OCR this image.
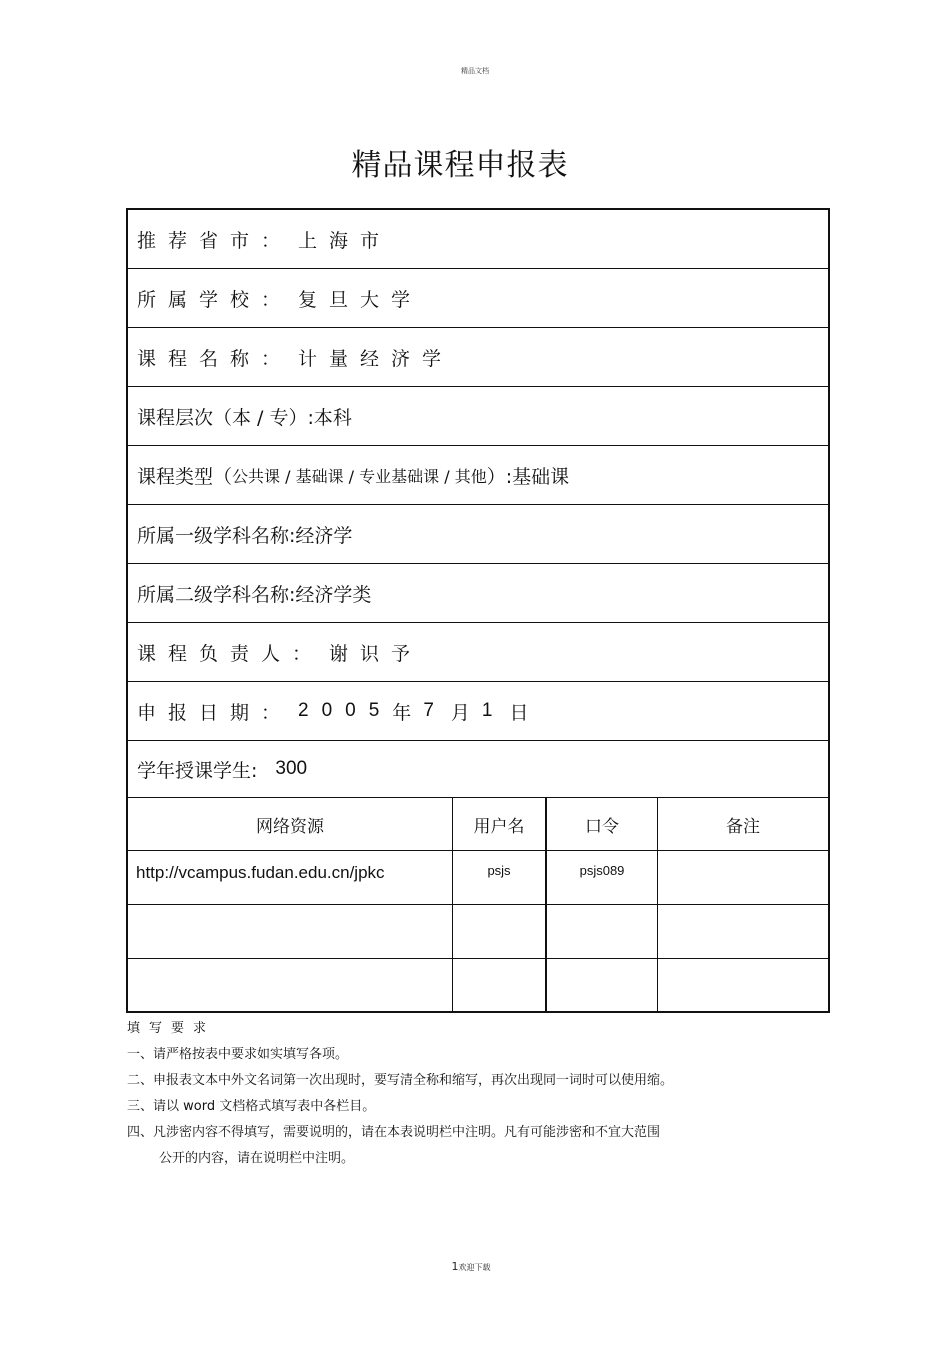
精品文档
精品课程申报表
推荐省市： 上海市
所属学校： 复旦大学
课程名称： 计量经济学
课程层次（本 / 专）: 本科
课程类型（ 公共课 / 基础课 / 专业基础课 / 其他 ）: 基础课
所属一级学科名称: 经济学
所属二级学科名称: 经济学类
课程负责人： 谢识予
申报日期： 2005 年 7 月 1 日
学年授课学生: 300
网络资源	用户名	口令	备注
http://vcampus.fudan.edu.cn/jpkc	psjs	psjs089
填写要求
一、请严格按表中要求如实填写各项。
二、申报表文本中外文名词第一次出现时，要写清全称和缩写，再次出现同一词时可以使用缩。
三、请以 word 文档格式填写表中各栏目。
四、凡涉密内容不得填写，需要说明的，请在本表说明栏中注明。凡有可能涉密和不宜大范围
公开的内容，请在说明栏中注明。
1欢迎下载
